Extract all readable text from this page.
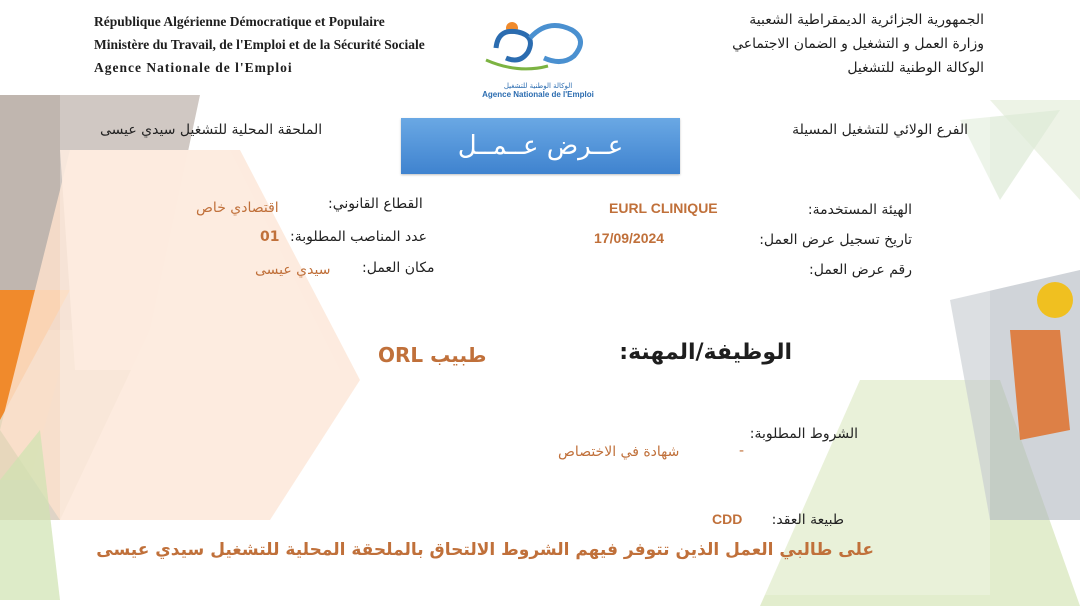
République Algérienne Démocratique et Populaire
Ministère du Travail, de l'Emploi et de la Sécurité Sociale
Agence Nationale de l'Emploi
الوكالة الوطنية للتشغيل
Agence Nationale de l'Emploi
الجمهورية الجزائرية الديمقراطية الشعبية
وزارة العمل و التشغيل و الضمان الاجتماعي
الوكالة الوطنية للتشغيل
الملحقة المحلية للتشغيل سيدي عيسى	الفرع الولائي للتشغيل المسيلة
عــرض عــمــل
الهيئة المستخدمة:
EURL CLINIQUE
تاريخ تسجيل عرض العمل:
17/09/2024
رقم عرض العمل:
القطاع القانوني:
اقتصادي خاص
عدد المناصب المطلوبة:
01
مكان العمل:
سيدي عيسى
الوظيفة/المهنة:
طبيب ORL
الشروط المطلوبة:
-
شهادة في الاختصاص
طبيعة العقد:
CDD
على طالبي العمل الذين تتوفر فيهم الشروط الالتحاق بالملحقة المحلية للتشغيل سيدي عيسى
